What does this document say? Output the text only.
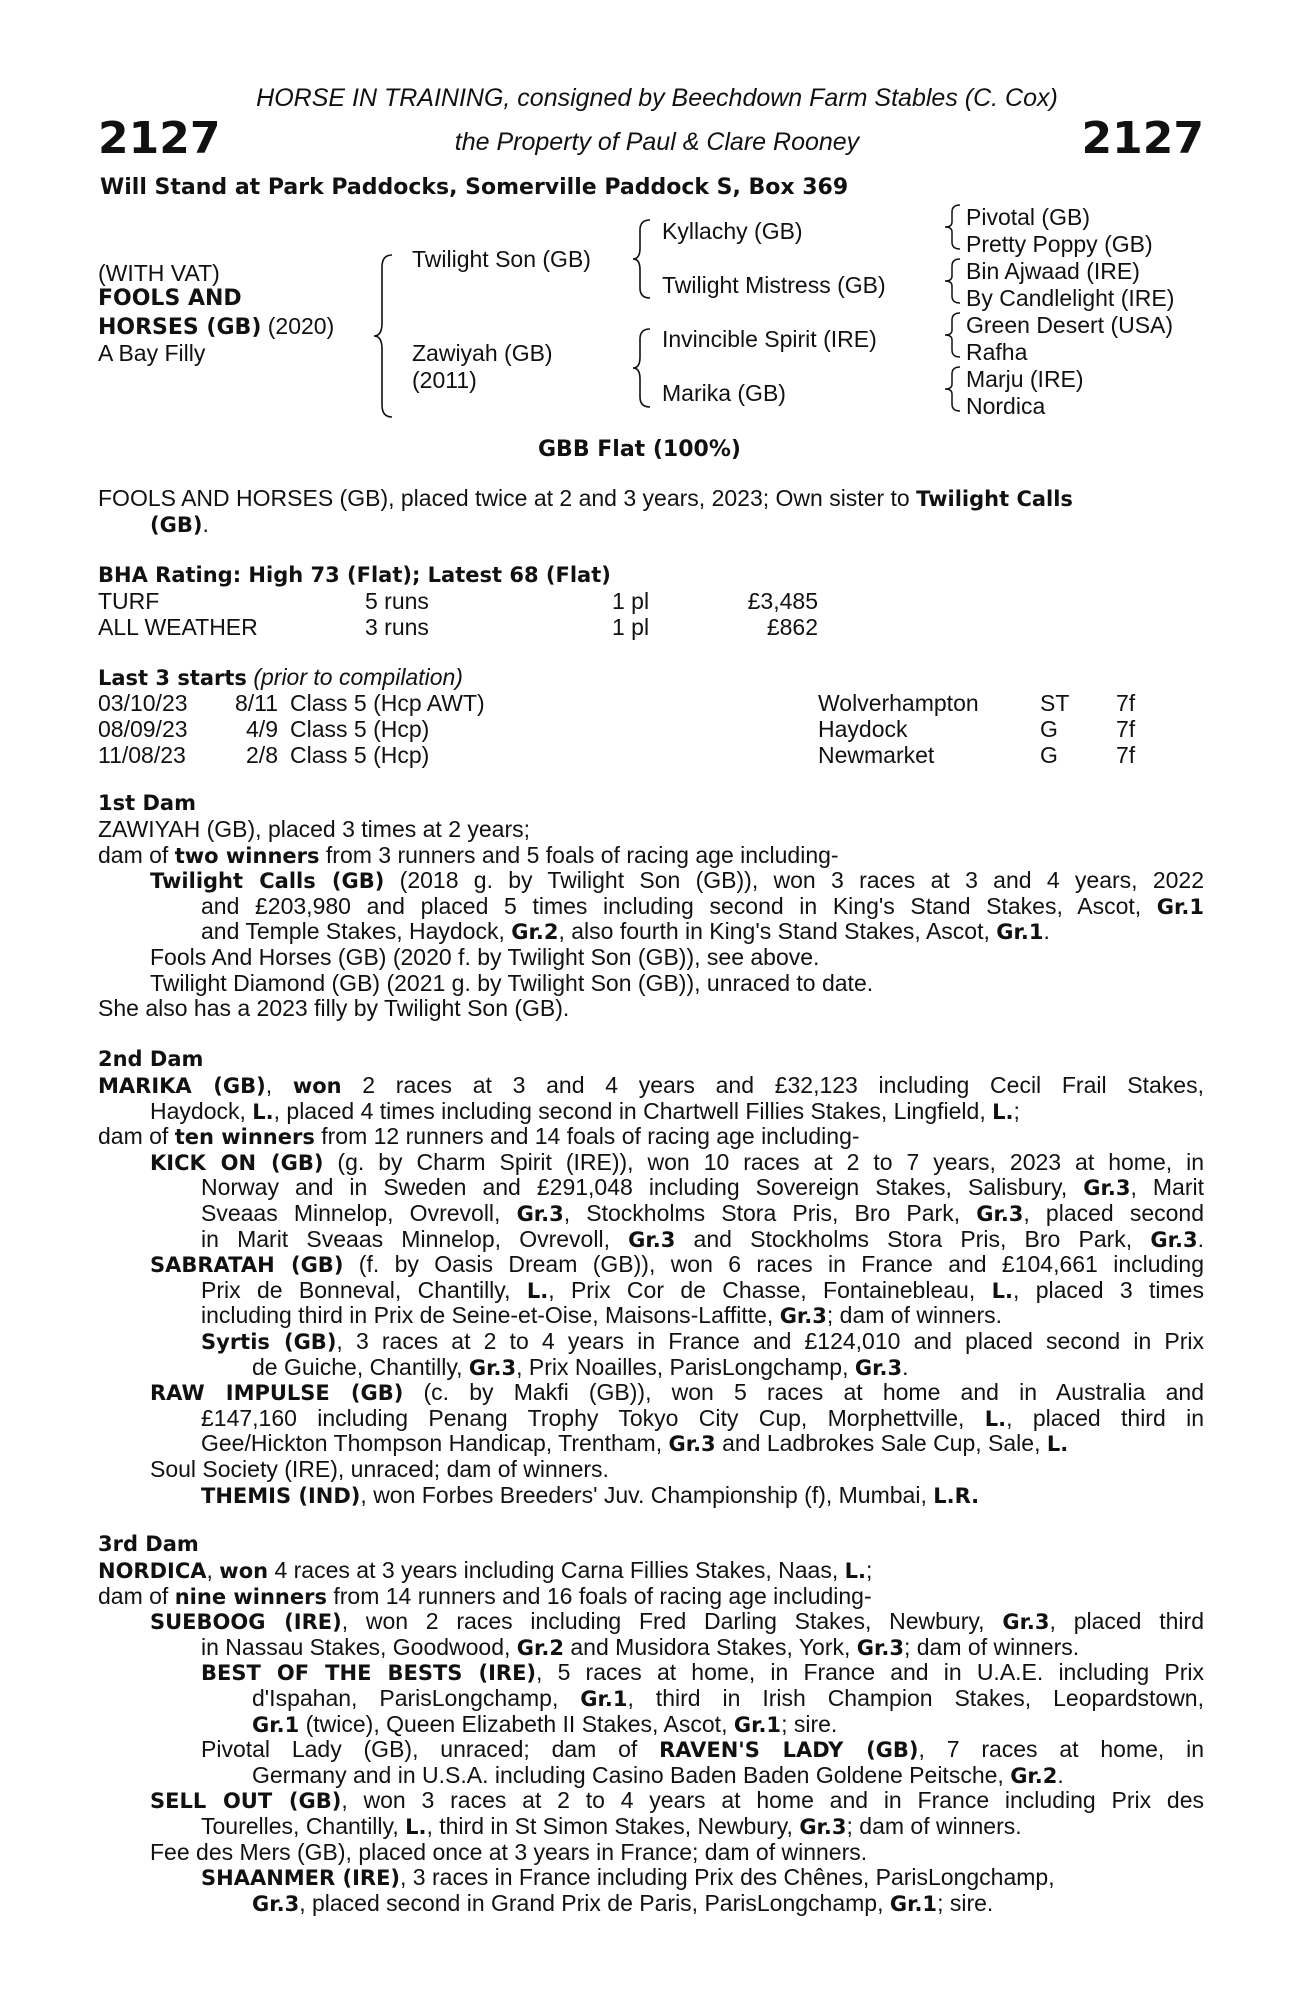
HORSE IN TRAINING, consigned by Beechdown Farm Stables (C. Cox)
the Property of Paul & Clare Rooney
2127	2127
Will Stand at Park Paddocks, Somerville Paddock S, Box 369
(WITH VAT)
FOOLS AND
HORSES (GB) (2020)
A Bay Filly
Twilight Son (GB)
Zawiyah (GB)
(2011)
Kyllachy (GB)
Twilight Mistress (GB)
Invincible Spirit (IRE)
Marika (GB)
Pivotal (GB)
Pretty Poppy (GB)
Bin Ajwaad (IRE)
By Candlelight (IRE)
Green Desert (USA)
Rafha
Marju (IRE)
Nordica
GBB Flat (100%)
FOOLS AND HORSES (GB), placed twice at 2 and 3 years, 2023; Own sister to Twilight Calls
(GB).
BHA Rating: High 73 (Flat); Latest 68 (Flat)
TURF	5 runs	1 pl	£3,485
ALL WEATHER	3 runs	1 pl	£862
Last 3 starts (prior to compilation)
03/10/23 8/11 Class 5 (Hcp AWT)	Wolverhampton	ST 7f
08/09/23	4/9 Class 5 (Hcp)	Haydock	G	7f
11/08/23	2/8 Class 5 (Hcp)	Newmarket	G	7f
1st Dam
ZAWIYAH (GB), placed 3 times at 2 years;
dam of two winners from 3 runners and 5 foals of racing age including-
Twilight Calls (GB) (2018 g. by Twilight Son (GB)), won 3 races at 3 and 4 years, 2022
and £203,980 and placed 5 times including second in King's Stand Stakes, Ascot, Gr.1
and Temple Stakes, Haydock, Gr.2, also fourth in King's Stand Stakes, Ascot, Gr.1.
Fools And Horses (GB) (2020 f. by Twilight Son (GB)), see above.
Twilight Diamond (GB) (2021 g. by Twilight Son (GB)), unraced to date.
She also has a 2023 filly by Twilight Son (GB).
2nd Dam
MARIKA (GB), won 2 races at 3 and 4 years and £32,123 including Cecil Frail Stakes,
Haydock, L., placed 4 times including second in Chartwell Fillies Stakes, Lingfield, L.;
dam of ten winners from 12 runners and 14 foals of racing age including-
KICK ON (GB) (g. by Charm Spirit (IRE)), won 10 races at 2 to 7 years, 2023 at home, in
Norway and in Sweden and £291,048 including Sovereign Stakes, Salisbury, Gr.3, Marit
Sveaas Minnelop, Ovrevoll, Gr.3, Stockholms Stora Pris, Bro Park, Gr.3, placed second
in Marit Sveaas Minnelop, Ovrevoll, Gr.3 and Stockholms Stora Pris, Bro Park, Gr.3.
SABRATAH (GB) (f. by Oasis Dream (GB)), won 6 races in France and £104,661 including
Prix de Bonneval, Chantilly, L., Prix Cor de Chasse, Fontainebleau, L., placed 3 times
including third in Prix de Seine-et-Oise, Maisons-Laffitte, Gr.3; dam of winners.
Syrtis (GB), 3 races at 2 to 4 years in France and £124,010 and placed second in Prix
de Guiche, Chantilly, Gr.3, Prix Noailles, ParisLongchamp, Gr.3.
RAW IMPULSE (GB) (c. by Makfi (GB)), won 5 races at home and in Australia and
£147,160 including Penang Trophy Tokyo City Cup, Morphettville, L., placed third in
Gee/Hickton Thompson Handicap, Trentham, Gr.3 and Ladbrokes Sale Cup, Sale, L.
Soul Society (IRE), unraced; dam of winners.
THEMIS (IND), won Forbes Breeders' Juv. Championship (f), Mumbai, L.R.
3rd Dam
NORDICA, won 4 races at 3 years including Carna Fillies Stakes, Naas, L.;
dam of nine winners from 14 runners and 16 foals of racing age including-
SUEBOOG (IRE), won 2 races including Fred Darling Stakes, Newbury, Gr.3, placed third
in Nassau Stakes, Goodwood, Gr.2 and Musidora Stakes, York, Gr.3; dam of winners.
BEST OF THE BESTS (IRE), 5 races at home, in France and in U.A.E. including Prix
d'Ispahan, ParisLongchamp, Gr.1, third in Irish Champion Stakes, Leopardstown,
Gr.1 (twice), Queen Elizabeth II Stakes, Ascot, Gr.1; sire.
Pivotal Lady (GB), unraced; dam of RAVEN'S LADY (GB), 7 races at home, in
Germany and in U.S.A. including Casino Baden Baden Goldene Peitsche, Gr.2.
SELL OUT (GB), won 3 races at 2 to 4 years at home and in France including Prix des
Tourelles, Chantilly, L., third in St Simon Stakes, Newbury, Gr.3; dam of winners.
Fee des Mers (GB), placed once at 3 years in France; dam of winners.
SHAANMER (IRE), 3 races in France including Prix des Chênes, ParisLongchamp,
Gr.3, placed second in Grand Prix de Paris, ParisLongchamp, Gr.1; sire.
